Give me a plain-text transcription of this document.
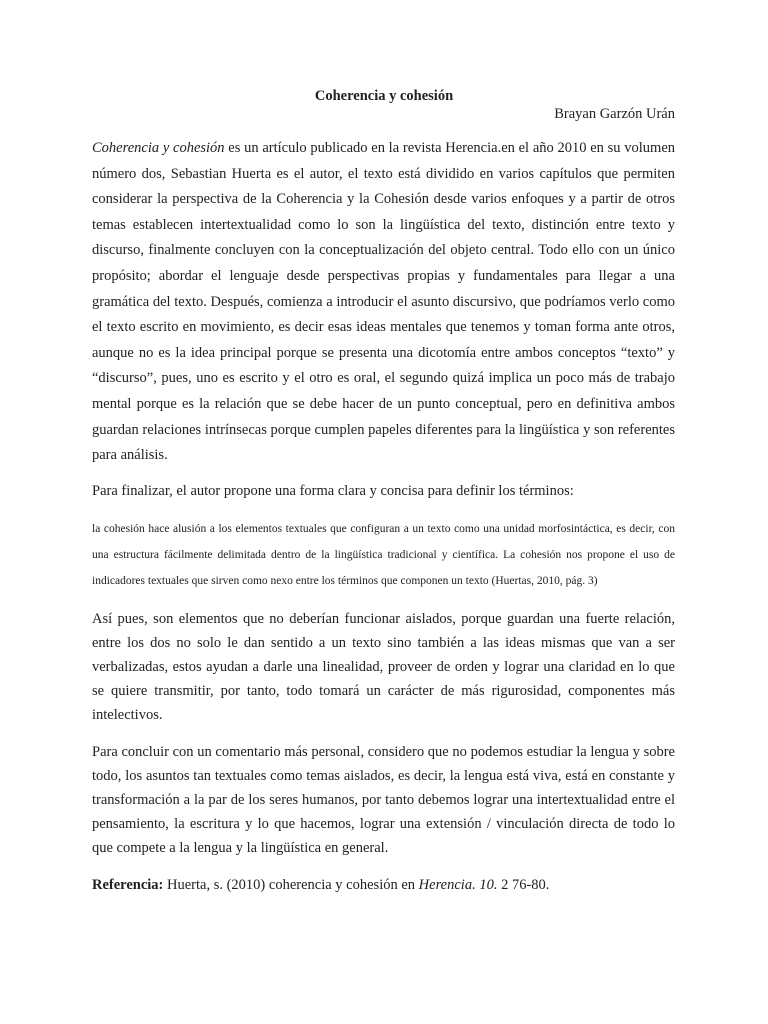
Coherencia y cohesión

Brayan Garzón Urán

Coherencia y cohesión es un artículo publicado en la revista Herencia.en el año 2010 en su volumen número dos, Sebastian Huerta es el autor, el texto está dividido en varios capítulos que permiten considerar la perspectiva de la Coherencia y la Cohesión desde varios enfoques y a partir de otros temas establecen intertextualidad como lo son la lingüística del texto, distinción entre texto y discurso, finalmente concluyen con la conceptualización del objeto central. Todo ello con un único propósito; abordar el lenguaje desde perspectivas propias y fundamentales para llegar a una gramática del texto. Después, comienza a introducir el asunto discursivo, que podríamos verlo como el texto escrito en movimiento, es decir esas ideas mentales que tenemos y toman forma ante otros, aunque no es la idea principal porque se presenta una dicotomía entre ambos conceptos “texto” y “discurso”, pues, uno es escrito y el otro es oral, el segundo quizá implica un poco más de trabajo mental porque es la relación que se debe hacer de un punto conceptual, pero en definitiva ambos guardan relaciones intrínsecas porque cumplen papeles diferentes para la lingüística y son referentes para análisis.

Para finalizar, el autor propone una forma clara y concisa para definir los términos:

la cohesión hace alusión a los elementos textuales que configuran a un texto como una unidad morfosintáctica, es decir, con una estructura fácilmente delimitada dentro de la lingüística tradicional y científica. La cohesión nos propone el uso de indicadores textuales que sirven como nexo entre los términos que componen un texto (Huertas, 2010, pág. 3)

Así pues, son elementos que no deberían funcionar aislados, porque guardan una fuerte relación, entre los dos no solo le dan sentido a un texto sino también a las ideas mismas que van a ser verbalizadas, estos ayudan a darle una linealidad, proveer de orden y lograr una claridad en lo que se quiere transmitir, por tanto, todo tomará un carácter de más rigurosidad, componentes más intelectivos.

Para concluir con un comentario más personal, considero que no podemos estudiar la lengua y sobre todo, los asuntos tan textuales como temas aislados, es decir, la lengua está viva, está en constante y transformación a la par de los seres humanos, por tanto debemos lograr una intertextualidad entre el pensamiento, la escritura y lo que hacemos, lograr una extensión / vinculación directa de todo lo que compete a la lengua y la lingüística en general.

Referencia: Huerta, s. (2010) coherencia y cohesión en Herencia. 10. 2 76-80.
